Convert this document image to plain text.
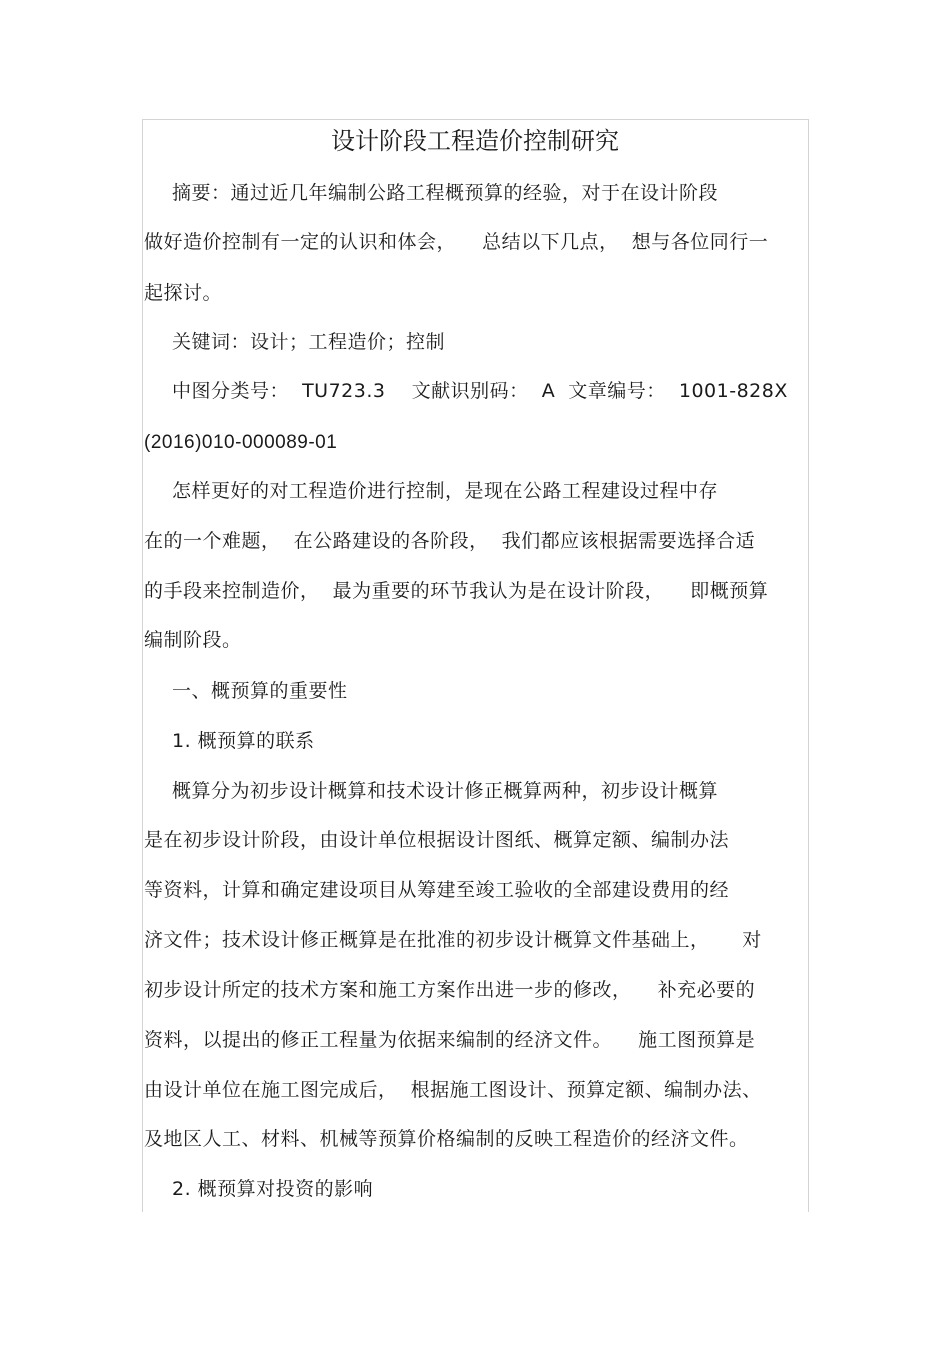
设计阶段工程造价控制研究
摘要：通过近几年编制公路工程概预算的经验，对于在设计阶段
做好造价控制有一定的认识和体会，    总结以下几点，  想与各位同行一
起探讨。
关键词：设计；工程造价；控制
中图分类号：  TU723.3    文献识别码：  A  文章编号：  1001-828X
(2016)010-000089-01
怎样更好的对工程造价进行控制，是现在公路工程建设过程中存
在的一个难题，  在公路建设的各阶段，  我们都应该根据需要选择合适
的手段来控制造价，  最为重要的环节我认为是在设计阶段，    即概预算
编制阶段。
一、概预算的重要性
1. 概预算的联系
概算分为初步设计概算和技术设计修正概算两种，初步设计概算
是在初步设计阶段，由设计单位根据设计图纸、概算定额、编制办法
等资料，计算和确定建设项目从筹建至竣工验收的全部建设费用的经
济文件；技术设计修正概算是在批准的初步设计概算文件基础上，     对
初步设计所定的技术方案和施工方案作出进一步的修改，    补充必要的
资料，以提出的修正工程量为依据来编制的经济文件。    施工图预算是
由设计单位在施工图完成后，  根据施工图设计、预算定额、编制办法、
及地区人工、材料、机械等预算价格编制的反映工程造价的经济文件。
2. 概预算对投资的影响
